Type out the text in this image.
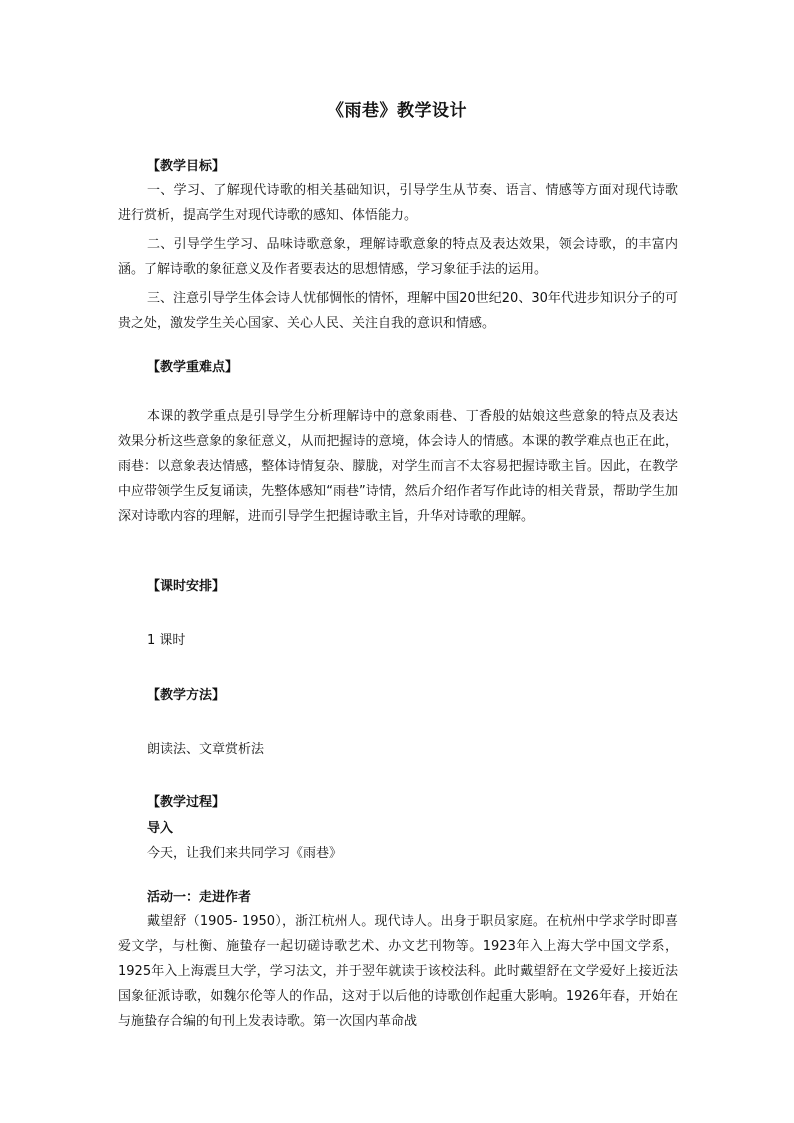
《雨巷》教学设计
【教学目标】

一、学习、了解现代诗歌的相关基础知识，引导学生从节奏、语言、情感等方面对现代诗歌进行赏析，提高学生对现代诗歌的感知、体悟能力。

二、引导学生学习、品味诗歌意象，理解诗歌意象的特点及表达效果，领会诗歌，的丰富内涵。了解诗歌的象征意义及作者要表达的思想情感，学习象征手法的运用。

三、注意引导学生体会诗人忧郁惆怅的情怀，理解中国20世纪20、30年代进步知识分子的可贵之处，激发学生关心国家、关心人民、关注自我的意识和情感。

【教学重难点】

本课的教学重点是引导学生分析理解诗中的意象雨巷、丁香般的姑娘这些意象的特点及表达效果分析这些意象的象征意义，从而把握诗的意境，体会诗人的情感。本课的教学难点也正在此，雨巷：以意象表达情感，整体诗情复杂、朦胧，对学生而言不太容易把握诗歌主旨。因此，在教学中应带领学生反复诵读，先整体感知“雨巷”诗情，然后介绍作者写作此诗的相关背景，帮助学生加深对诗歌内容的理解，进而引导学生把握诗歌主旨，升华对诗歌的理解。

【课时安排】
1 课时
【教学方法】
朗读法、文章赏析法
【教学过程】
导入
今天，让我们来共同学习《雨巷》
活动一：走进作者

戴望舒（1905- 1950），浙江杭州人。现代诗人。出身于职员家庭。在杭州中学求学时即喜爱文学，与杜衡、施蛰存一起切磋诗歌艺术、办文艺刊物等。1923年入上海大学中国文学系，1925年入上海震旦大学，学习法文，并于翌年就读于该校法科。此时戴望舒在文学爱好上接近法国象征派诗歌，如魏尔伦等人的作品，这对于以后他的诗歌创作起重大影响。1926年春，开始在与施蛰存合编的旬刊上发表诗歌。第一次国内革命战
